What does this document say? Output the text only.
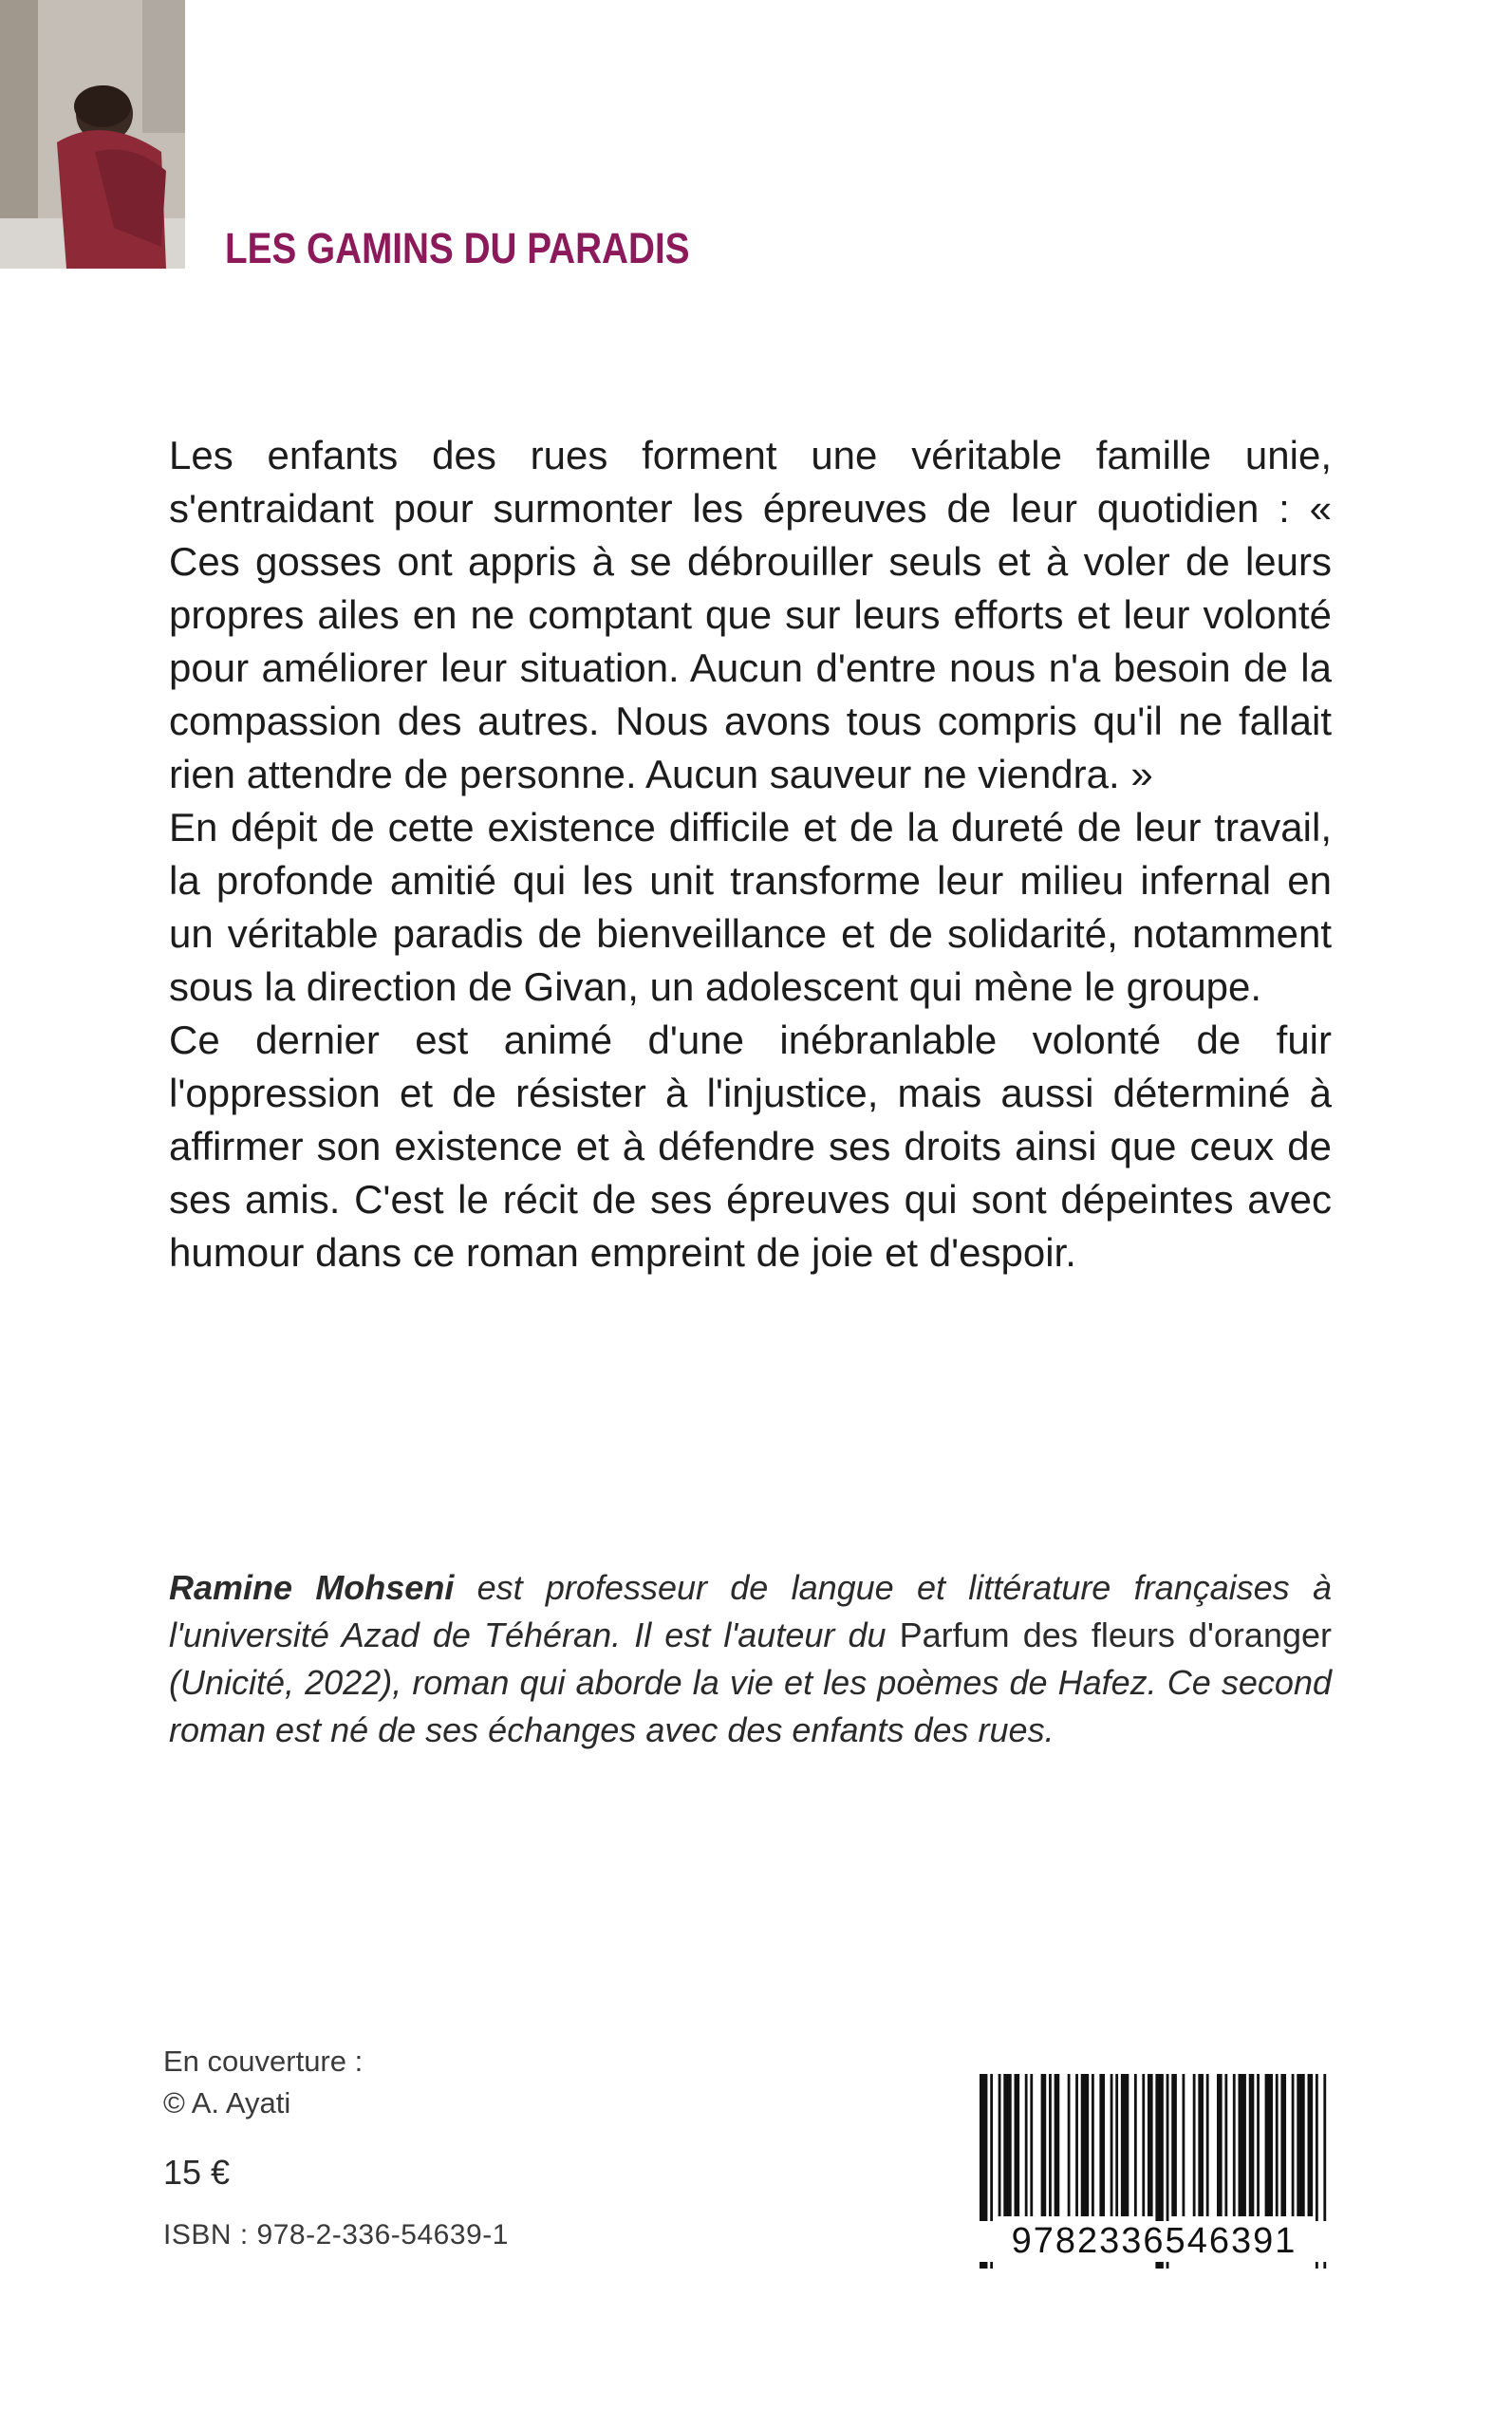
LES GAMINS DU PARADIS

Les enfants des rues forment une véritable famille unie, s'entraidant pour surmonter les épreuves de leur quotidien : « Ces gosses ont appris à se débrouiller seuls et à voler de leurs propres ailes en ne comptant que sur leurs efforts et leur volonté pour améliorer leur situation. Aucun d'entre nous n'a besoin de la compassion des autres. Nous avons tous compris qu'il ne fallait rien attendre de personne. Aucun sauveur ne viendra. »

En dépit de cette existence difficile et de la dureté de leur travail, la profonde amitié qui les unit transforme leur milieu infernal en un véritable paradis de bienveillance et de solidarité, notamment sous la direction de Givan, un adolescent qui mène le groupe.

Ce dernier est animé d'une inébranlable volonté de fuir l'oppression et de résister à l'injustice, mais aussi déterminé à affirmer son existence et à défendre ses droits ainsi que ceux de ses amis. C'est le récit de ses épreuves qui sont dépeintes avec humour dans ce roman empreint de joie et d'espoir.

Ramine Mohseni est professeur de langue et littérature françaises à l'université Azad de Téhéran. Il est l'auteur du Parfum des fleurs d'oranger (Unicité, 2022), roman qui aborde la vie et les poèmes de Hafez. Ce second roman est né de ses échanges avec des enfants des rues.

En couverture :
© A. Ayati
15 €
ISBN : 978-2-336-54639-1	9782336546391
